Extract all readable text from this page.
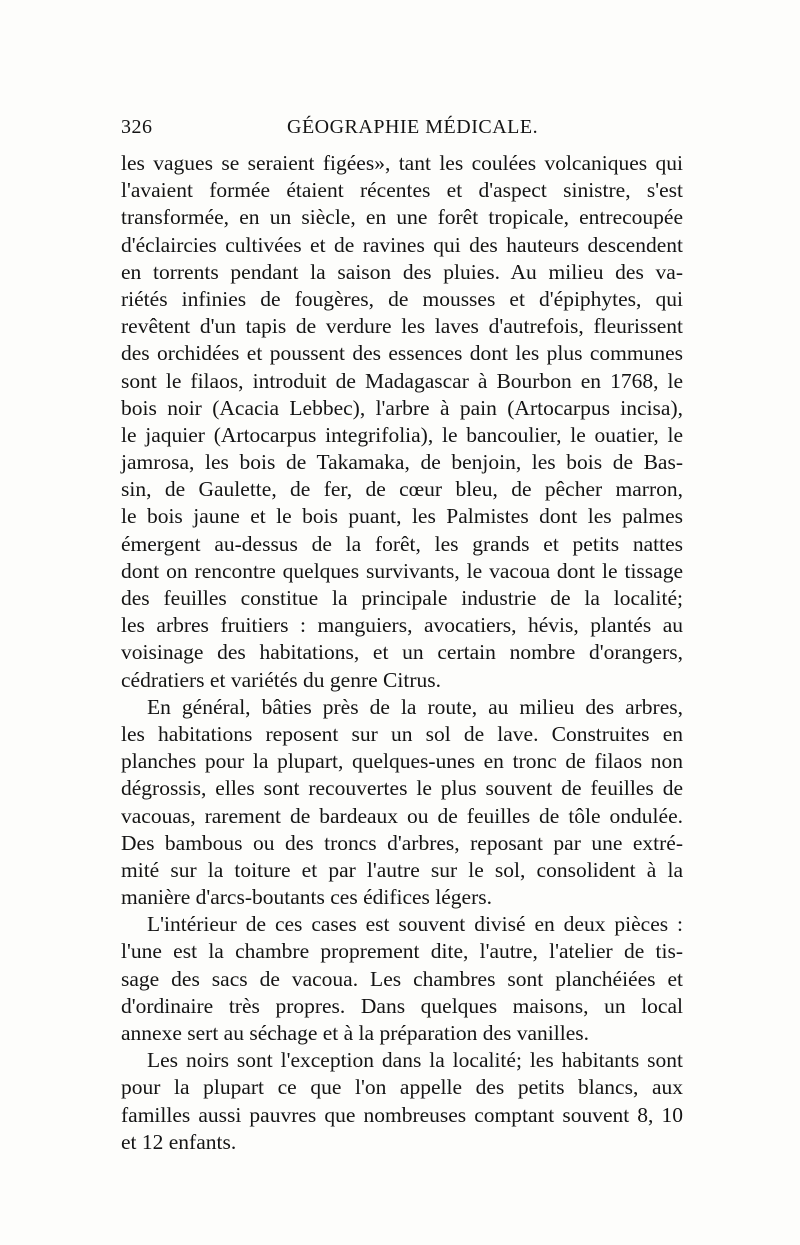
326	GÉOGRAPHIE MÉDICALE.
les vagues se seraient figées», tant les coulées volcaniques qui
l'avaient formée étaient récentes et d'aspect sinistre, s'est
transformée, en un siècle, en une forêt tropicale, entrecoupée
d'éclaircies cultivées et de ravines qui des hauteurs descendent
en torrents pendant la saison des pluies. Au milieu des va-
riétés infinies de fougères, de mousses et d'épiphytes, qui
revêtent d'un tapis de verdure les laves d'autrefois, fleurissent
des orchidées et poussent des essences dont les plus communes
sont le filaos, introduit de Madagascar à Bourbon en 1768, le
bois noir (Acacia Lebbec), l'arbre à pain (Artocarpus incisa),
le jaquier (Artocarpus integrifolia), le bancoulier, le ouatier, le
jamrosa, les bois de Takamaka, de benjoin, les bois de Bas-
sin, de Gaulette, de fer, de cœur bleu, de pêcher marron,
le bois jaune et le bois puant, les Palmistes dont les palmes
émergent au-dessus de la forêt, les grands et petits nattes
dont on rencontre quelques survivants, le vacoua dont le tissage
des feuilles constitue la principale industrie de la localité;
les arbres fruitiers : manguiers, avocatiers, hévis, plantés au
voisinage des habitations, et un certain nombre d'orangers,
cédratiers et variétés du genre Citrus.
En général, bâties près de la route, au milieu des arbres,
les habitations reposent sur un sol de lave. Construites en
planches pour la plupart, quelques-unes en tronc de filaos non
dégrossis, elles sont recouvertes le plus souvent de feuilles de
vacouas, rarement de bardeaux ou de feuilles de tôle ondulée.
Des bambous ou des troncs d'arbres, reposant par une extré-
mité sur la toiture et par l'autre sur le sol, consolident à la
manière d'arcs-boutants ces édifices légers.
L'intérieur de ces cases est souvent divisé en deux pièces :
l'une est la chambre proprement dite, l'autre, l'atelier de tis-
sage des sacs de vacoua. Les chambres sont planchéiées et
d'ordinaire très propres. Dans quelques maisons, un local
annexe sert au séchage et à la préparation des vanilles.
Les noirs sont l'exception dans la localité; les habitants sont
pour la plupart ce que l'on appelle des petits blancs, aux
familles aussi pauvres que nombreuses comptant souvent 8, 10
et 12 enfants.
